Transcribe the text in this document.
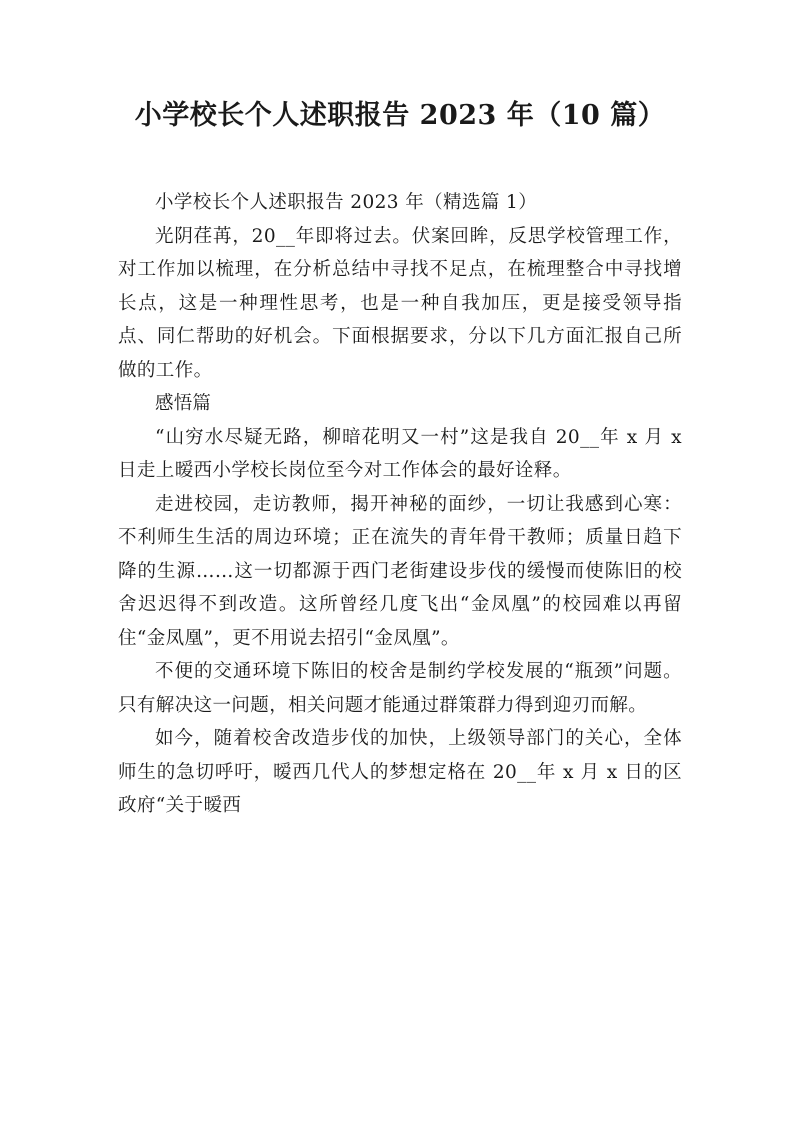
小学校长个人述职报告 2023 年（10 篇）

小学校长个人述职报告 2023 年（精选篇 1）

光阴荏苒，20__年即将过去。伏案回眸，反思学校管理工作，对工作加以梳理，在分析总结中寻找不足点，在梳理整合中寻找增长点，这是一种理性思考，也是一种自我加压，更是接受领导指点、同仁帮助的好机会。下面根据要求，分以下几方面汇报自己所做的工作。

感悟篇

“山穷水尽疑无路，柳暗花明又一村”这是我自 20__年 x 月 x 日走上暧西小学校长岗位至今对工作体会的最好诠释。

走进校园，走访教师，揭开神秘的面纱，一切让我感到心寒：不利师生生活的周边环境；正在流失的青年骨干教师；质量日趋下降的生源……这一切都源于西门老街建设步伐的缓慢而使陈旧的校舍迟迟得不到改造。这所曾经几度飞出“金凤凰”的校园难以再留住“金凤凰”，更不用说去招引“金凤凰”。

不便的交通环境下陈旧的校舍是制约学校发展的“瓶颈”问题。只有解决这一问题，相关问题才能通过群策群力得到迎刃而解。

如今，随着校舍改造步伐的加快，上级领导部门的关心，全体师生的急切呼吁，暧西几代人的梦想定格在 20__年 x 月 x 日的区政府“关于暧西
